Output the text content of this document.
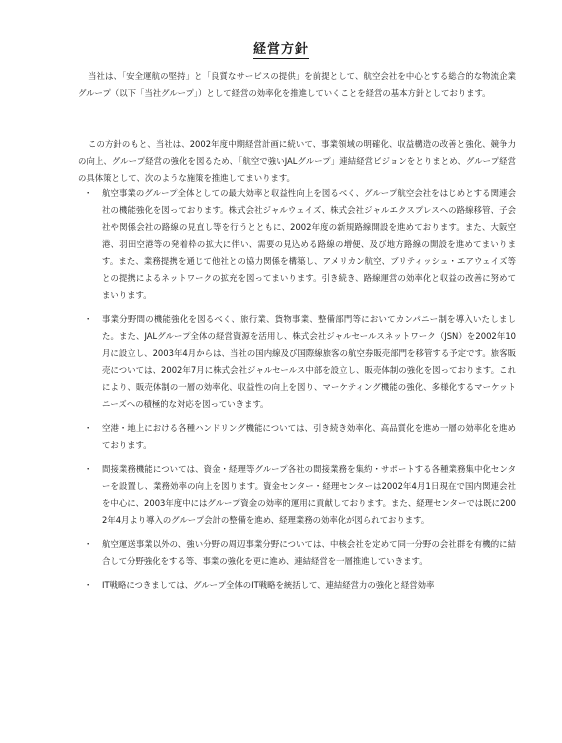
経営方針

当社は、「安全運航の堅持」と「良質なサービスの提供」を前提として、航空会社を中心とする総合的な物流企業グループ（以下「当社グループ」）として経営の効率化を推進していくことを経営の基本方針としております。

この方針のもと、当社は、2002年度中期経営計画に続いて、事業領域の明確化、収益構造の改善と強化、競争力の向上、グループ経営の強化を図るため、「航空で強いJALグループ」連結経営ビジョンをとりまとめ、グループ経営の具体策として、次のような施策を推進してまいります。

・	航空事業のグループ全体としての最大効率と収益性向上を図るべく、グループ航空会社をはじめとする関連会社の機能強化を図っております。株式会社ジャルウェイズ、株式会社ジャルエクスプレスへの路線移管、子会社や関係会社の路線の見直し等を行うとともに、2002年度の新規路線開設を進めております。また、大阪空港、羽田空港等の発着枠の拡大に伴い、需要の見込める路線の増便、及び地方路線の開設を進めてまいります。また、業務提携を通じて他社との協力関係を構築し、アメリカン航空、ブリティッシュ・エアウェイズ等との提携によるネットワークの拡充を図ってまいります。引き続き、路線運営の効率化と収益の改善に努めてまいります。
・	事業分野間の機能強化を図るべく、旅行業、貨物事業、整備部門等においてカンパニー制を導入いたしました。また、JALグループ全体の経営資源を活用し、株式会社ジャルセールスネットワーク（JSN）を2002年10月に設立し、2003年4月からは、当社の国内線及び国際線旅客の航空券販売部門を移管する予定です。旅客販売については、2002年7月に株式会社ジャルセールス中部を設立し、販売体制の強化を図っております。これにより、販売体制の一層の効率化、収益性の向上を図り、マーケティング機能の強化、多様化するマーケットニーズへの積極的な対応を図っていきます。
・	空港・地上における各種ハンドリング機能については、引き続き効率化、高品質化を進め一層の効率化を進めております。
・	間接業務機能については、資金・経理等グループ各社の間接業務を集約・サポートする各種業務集中化センターを設置し、業務効率の向上を図ります。資金センター・経理センターは2002年4月1日現在で国内関連会社を中心に、2003年度中にはグループ資金の効率的運用に貢献しております。また、経理センターでは既に2002年4月より導入のグループ会計の整備を進め、経理業務の効率化が図られております。
・	航空運送事業以外の、強い分野の周辺事業分野については、中核会社を定めて同一分野の会社群を有機的に結合して分野強化をする等、事業の強化を更に進め、連結経営を一層推進していきます。
・	IT戦略につきましては、グループ全体のIT戦略を統括して、連結経営力の強化と経営効率
